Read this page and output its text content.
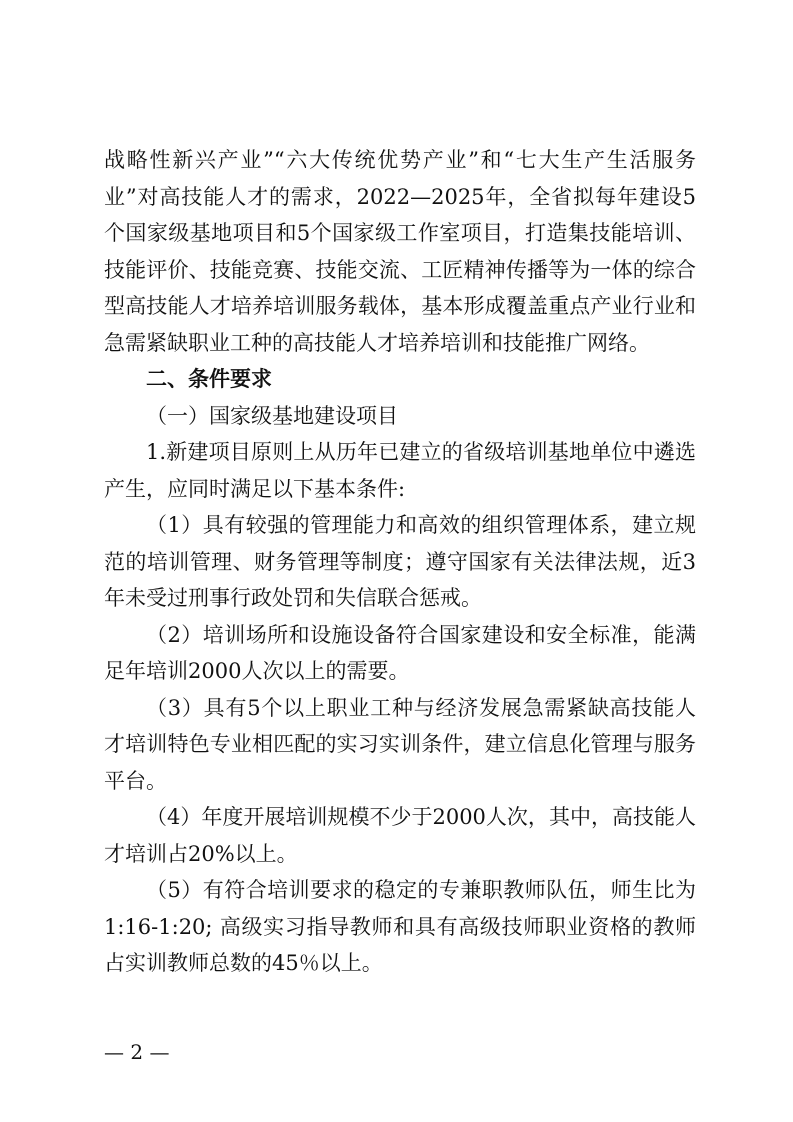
战略性新兴产业”“六大传统优势产业”和“七大生产生活服务业”对高技能人才的需求，2022—2025年，全省拟每年建设5个国家级基地项目和5个国家级工作室项目，打造集技能培训、技能评价、技能竞赛、技能交流、工匠精神传播等为一体的综合型高技能人才培养培训服务载体，基本形成覆盖重点产业行业和急需紧缺职业工种的高技能人才培养培训和技能推广网络。

二、条件要求

（一）国家级基地建设项目

1.新建项目原则上从历年已建立的省级培训基地单位中遴选产生，应同时满足以下基本条件:

（1）具有较强的管理能力和高效的组织管理体系，建立规范的培训管理、财务管理等制度；遵守国家有关法律法规，近3年未受过刑事行政处罚和失信联合惩戒。

（2）培训场所和设施设备符合国家建设和安全标准，能满足年培训2000人次以上的需要。

（3）具有5个以上职业工种与经济发展急需紧缺高技能人才培训特色专业相匹配的实习实训条件，建立信息化管理与服务平台。

（4）年度开展培训规模不少于2000人次，其中，高技能人才培训占20%以上。

（5）有符合培训要求的稳定的专兼职教师队伍，师生比为1:16-1:20; 高级实习指导教师和具有高级技师职业资格的教师占实训教师总数的45％以上。

— 2 —
